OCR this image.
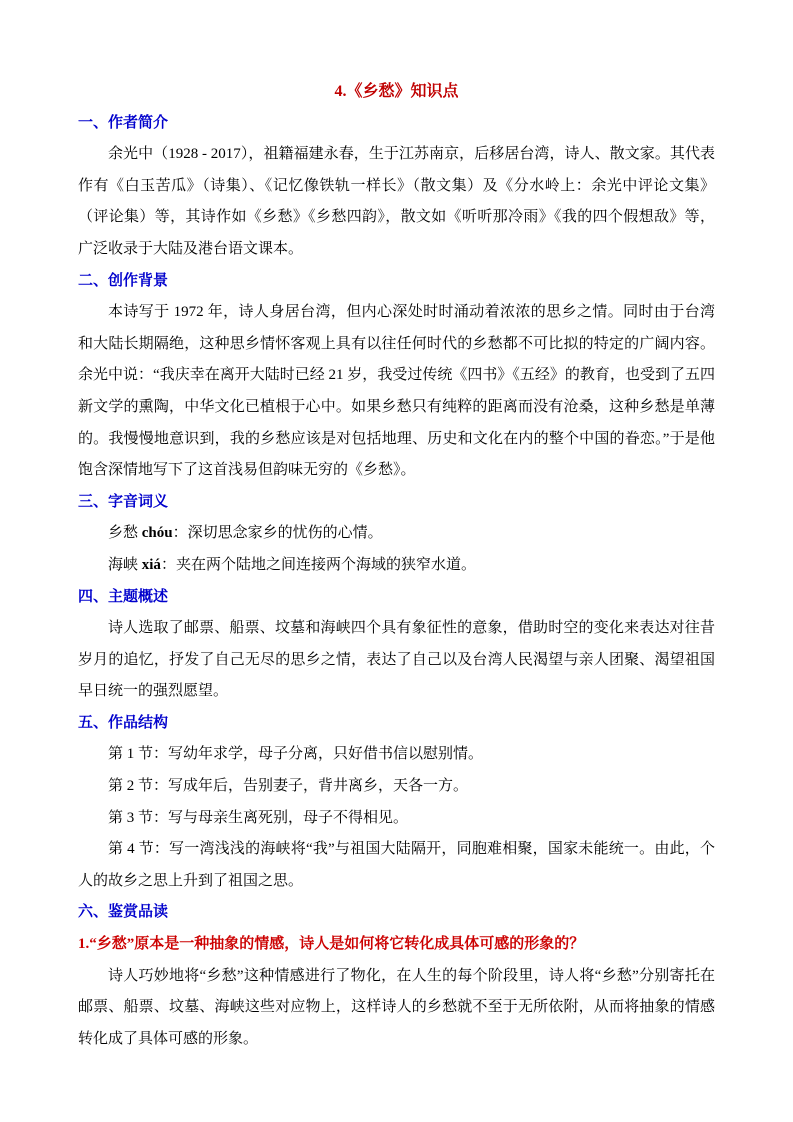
4.《乡愁》知识点
一、作者简介

余光中（1928 - 2017），祖籍福建永春，生于江苏南京，后移居台湾，诗人、散文家。其代表作有《白玉苦瓜》（诗集）、《记忆像铁轨一样长》（散文集）及《分水岭上：余光中评论文集》（评论集）等，其诗作如《乡愁》《乡愁四韵》，散文如《听听那冷雨》《我的四个假想敌》等，广泛收录于大陆及港台语文课本。

二、创作背景

本诗写于 1972 年，诗人身居台湾，但内心深处时时涌动着浓浓的思乡之情。同时由于台湾和大陆长期隔绝，这种思乡情怀客观上具有以往任何时代的乡愁都不可比拟的特定的广阔内容。余光中说：“我庆幸在离开大陆时已经 21 岁，我受过传统《四书》《五经》的教育，也受到了五四新文学的熏陶，中华文化已植根于心中。如果乡愁只有纯粹的距离而没有沧桑，这种乡愁是单薄的。我慢慢地意识到，我的乡愁应该是对包括地理、历史和文化在内的整个中国的眷恋。”于是他饱含深情地写下了这首浅易但韵味无穷的《乡愁》。

三、字音词义

乡愁 chóu：深切思念家乡的忧伤的心情。

海峡 xiá：夹在两个陆地之间连接两个海域的狭窄水道。

四、主题概述

诗人选取了邮票、船票、坟墓和海峡四个具有象征性的意象，借助时空的变化来表达对往昔岁月的追忆，抒发了自己无尽的思乡之情，表达了自己以及台湾人民渴望与亲人团聚、渴望祖国早日统一的强烈愿望。

五、作品结构

第 1 节：写幼年求学，母子分离，只好借书信以慰别情。

第 2 节：写成年后，告别妻子，背井离乡，天各一方。

第 3 节：写与母亲生离死别，母子不得相见。

第 4 节：写一湾浅浅的海峡将“我”与祖国大陆隔开，同胞难相聚，国家未能统一。由此，个人的故乡之思上升到了祖国之思。

六、鉴赏品读

1.“乡愁”原本是一种抽象的情感，诗人是如何将它转化成具体可感的形象的？

诗人巧妙地将“乡愁”这种情感进行了物化，在人生的每个阶段里，诗人将“乡愁”分别寄托在邮票、船票、坟墓、海峡这些对应物上，这样诗人的乡愁就不至于无所依附，从而将抽象的情感转化成了具体可感的形象。
